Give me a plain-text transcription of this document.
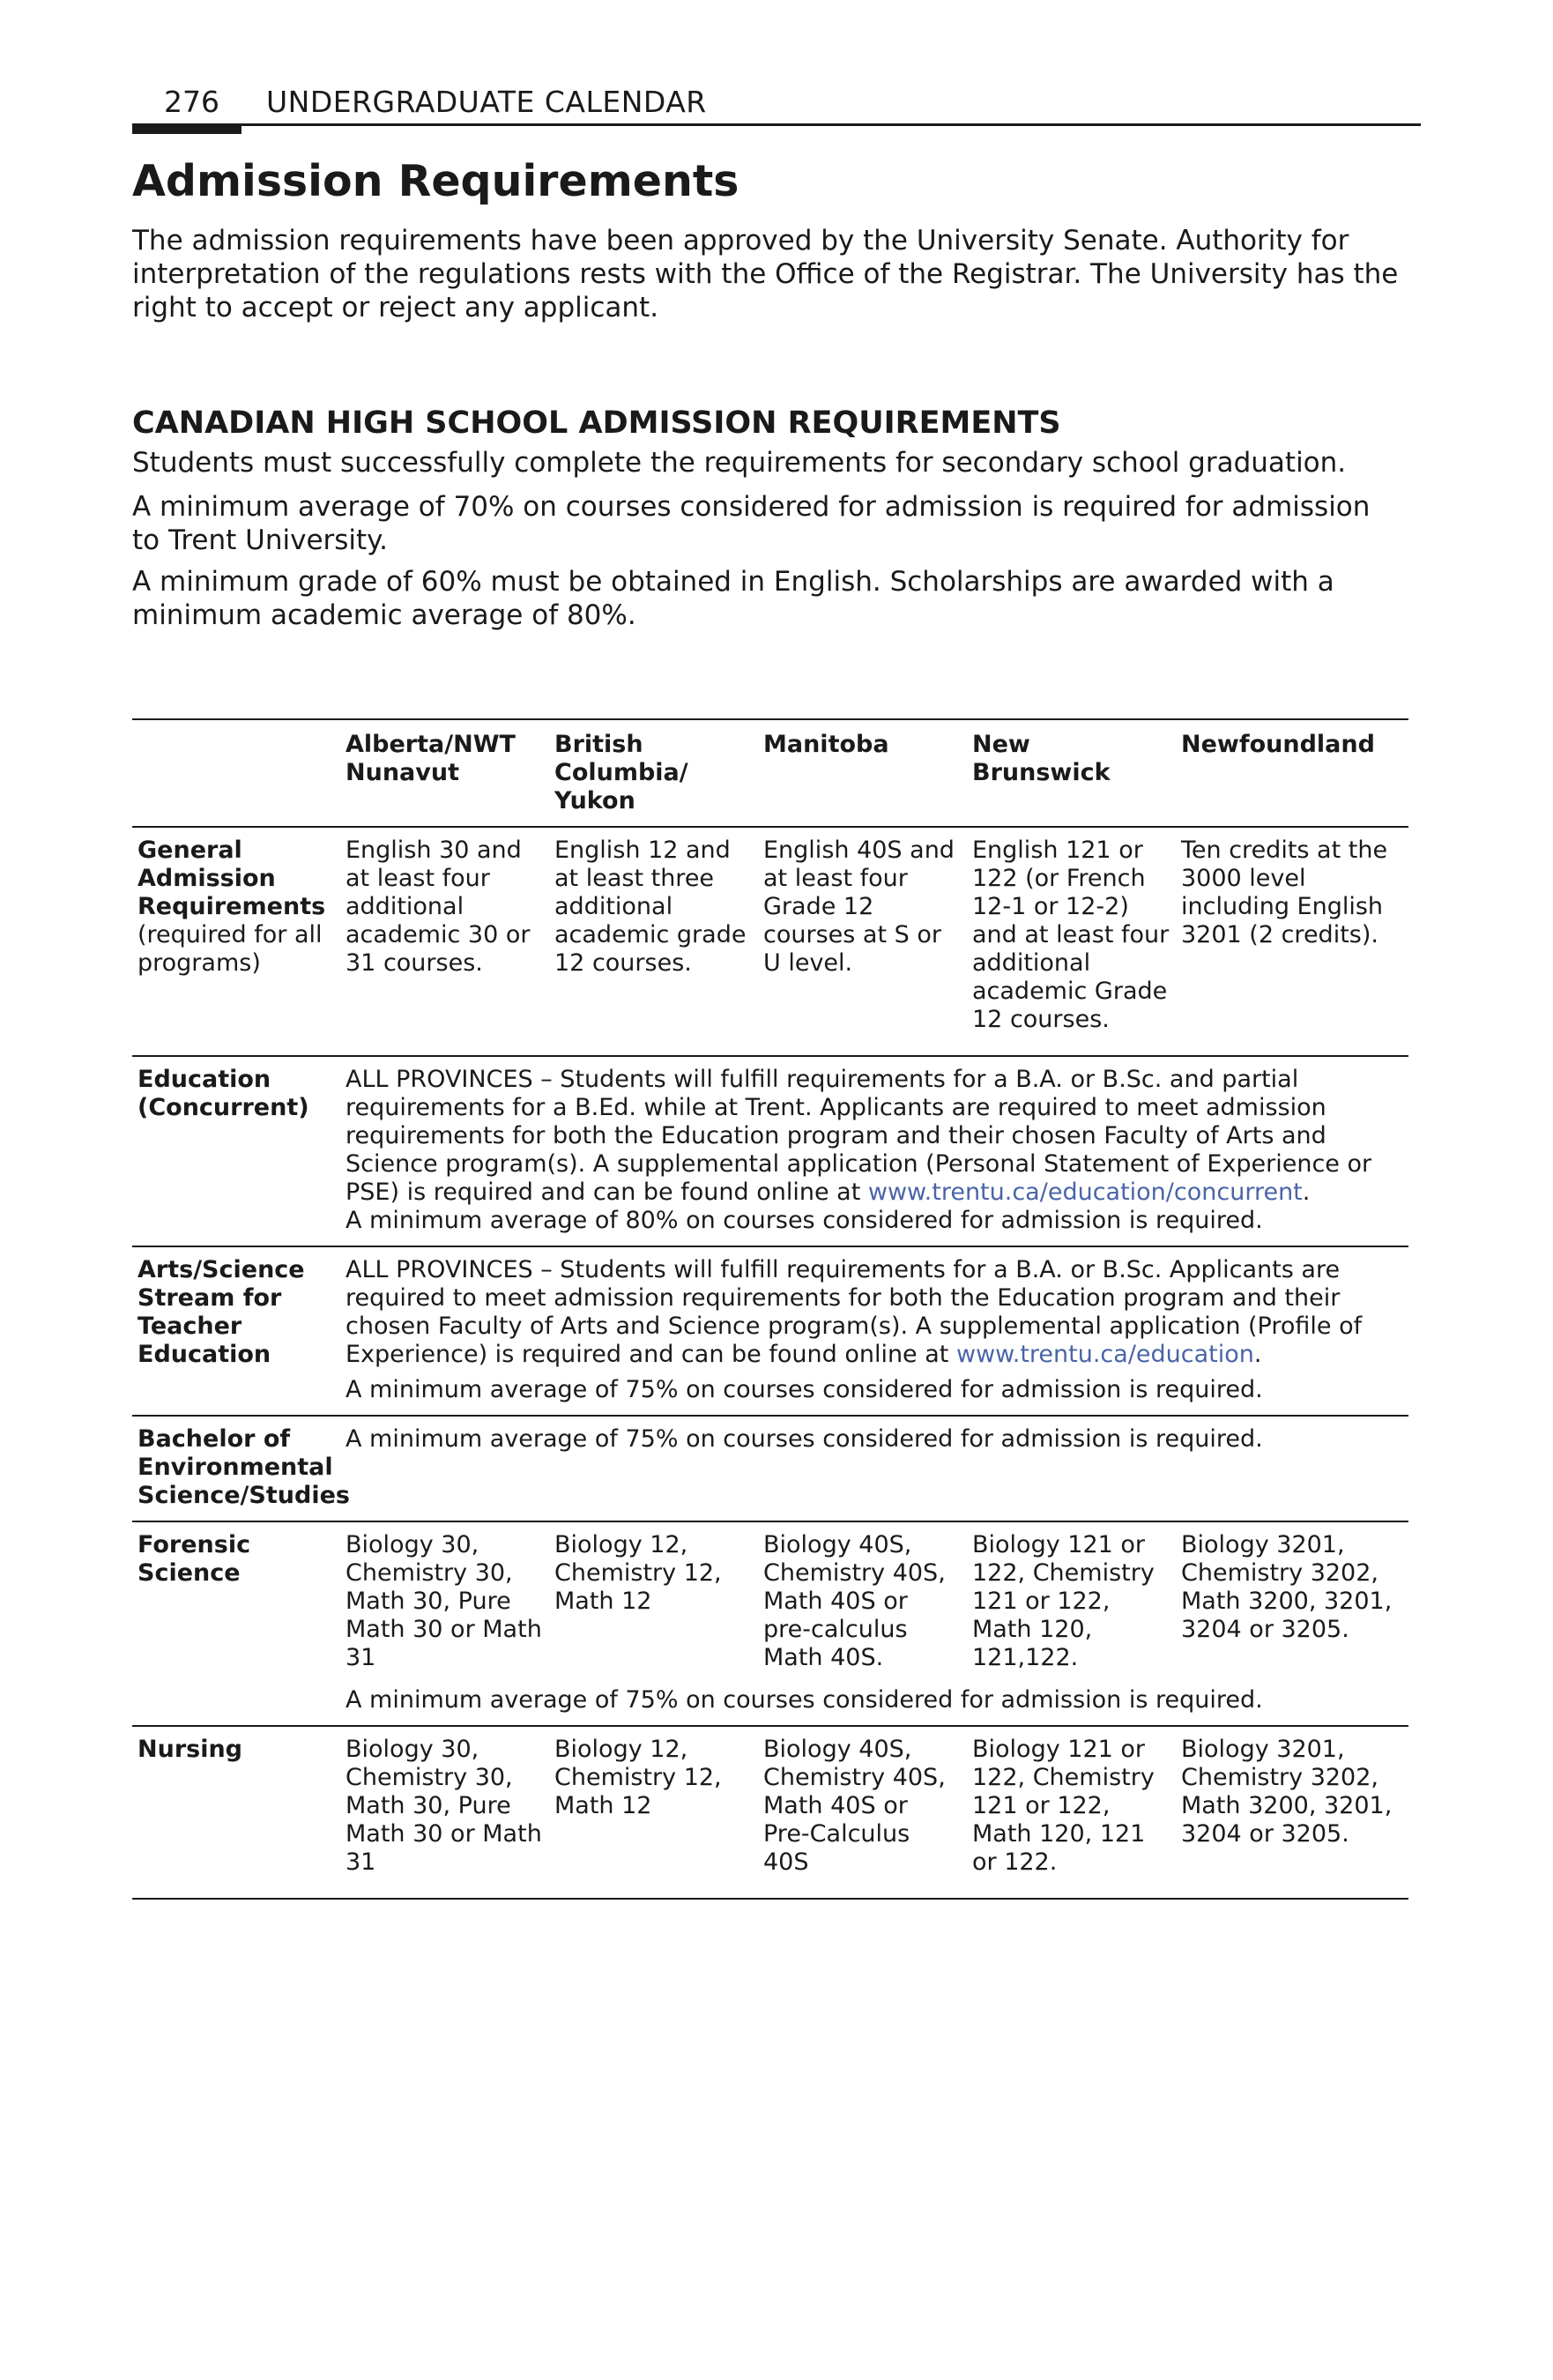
276 UNDERGRADUATE CALENDAR
Admission Requirements

The admission requirements have been approved by the University Senate. Authority for interpretation of the regulations rests with the Office of the Registrar. The University has the right to accept or reject any applicant.

CANADIAN HIGH SCHOOL ADMISSION REQUIREMENTS

Students must successfully complete the requirements for secondary school graduation.

A minimum average of 70% on courses considered for admission is required for admission to Trent University.

A minimum grade of 60% must be obtained in English. Scholarships are awarded with a minimum academic average of 80%.

	Alberta/NWT Nunavut	British Columbia/ Yukon	Manitoba	New Brunswick	Newfoundland
General Admission Requirements (required for all programs)	English 30 and at least four additional academic 30 or 31 courses.	English 12 and at least three additional academic grade 12 courses.	English 40S and at least four Grade 12 courses at S or U level.	English 121 or 122 (or French 12-1 or 12-2) and at least four additional academic Grade 12 courses.	Ten credits at the 3000 level including English 3201 (2 credits).
Education (Concurrent)	ALL PROVINCES – Students will fulfill requirements for a B.A. or B.Sc. and partial requirements for a B.Ed. while at Trent. Applicants are required to meet admission requirements for both the Education program and their chosen Faculty of Arts and Science program(s). A supplemental application (Personal Statement of Experience or PSE) is required and can be found online at www.trentu.ca/education/concurrent.

A minimum average of 80% on courses considered for admission is required.				

Arts/Science Stream for Teacher Education	ALL PROVINCES – Students will fulfill requirements for a B.A. or B.Sc. Applicants are required to meet admission requirements for both the Education program and their chosen Faculty of Arts and Science program(s). A supplemental application (Profile of Experience) is required and can be found online at www.trentu.ca/education.

A minimum average of 75% on courses considered for admission is required.				

Bachelor of Environmental Science/Studies	A minimum average of 75% on courses considered for admission is required.				
Forensic Science	Biology 30, Chemistry 30, Math 30, Pure Math 30 or Math 31	Biology 12, Chemistry 12, Math 12	Biology 40S, Chemistry 40S, Math 40S or pre-calculus Math 40S.	Biology 121 or 122, Chemistry 121 or 122, Math 120, 121,122.	Biology 3201, Chemistry 3202, Math 3200, 3201, 3204 or 3205.
	A minimum average of 75% on courses considered for admission is required.				
Nursing	Biology 30, Chemistry 30, Math 30, Pure Math 30 or Math 31	Biology 12, Chemistry 12, Math 12	Biology 40S, Chemistry 40S, Math 40S or Pre-Calculus 40S	Biology 121 or 122, Chemistry 121 or 122, Math 120, 121 or 122.	Biology 3201, Chemistry 3202, Math 3200, 3201, 3204 or 3205.
